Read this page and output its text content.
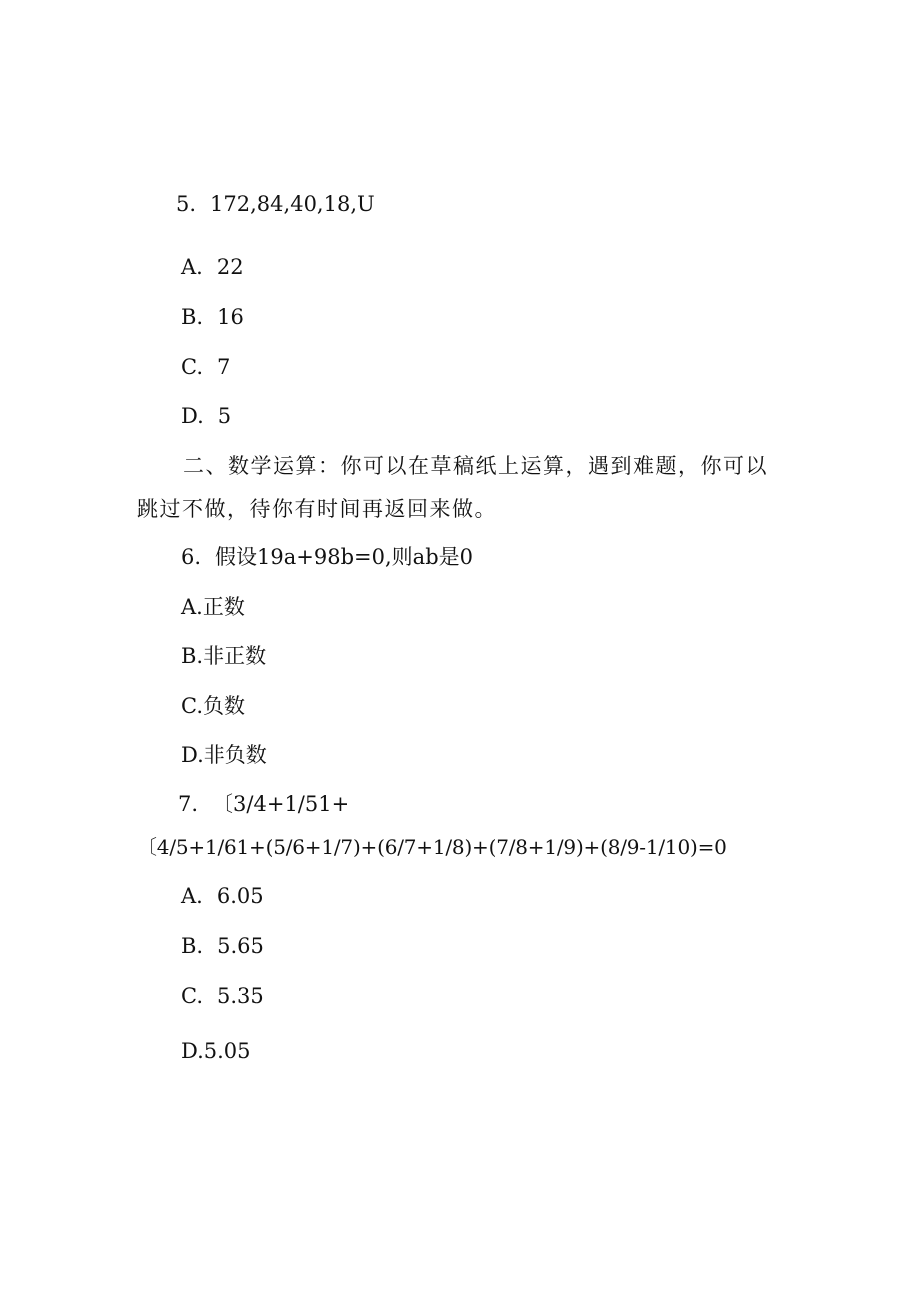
5. 172,84,40,18,U
A. 22
B. 16
C. 7
D. 5
二、数学运算：你可以在草稿纸上运算，遇到难题，你可以
跳过不做，待你有时间再返回来做。
6. 假设19a+98b=0,则ab是0
A.正数
B.非正数
C.负数
D.非负数
7. 〔3/4+1/51+
〔4/5+1/61+(5/6+1/7)+(6/7+1/8)+(7/8+1/9)+(8/9-1/10)=0
A. 6.05
B. 5.65
C. 5.35
D.5.05
